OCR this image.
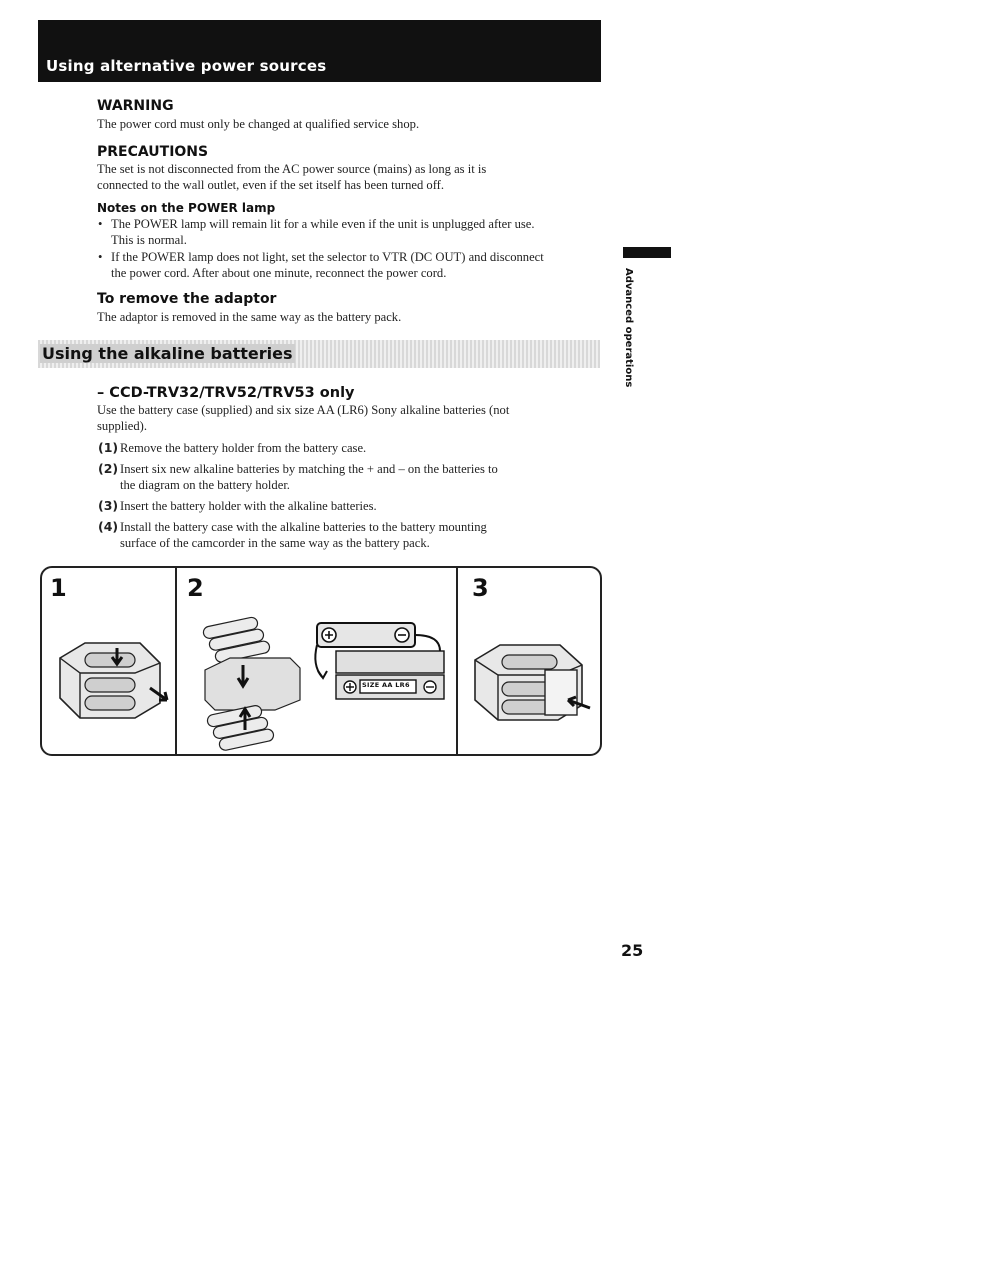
Using alternative power sources
WARNING
The power cord must only be changed at qualified service shop.
PRECAUTIONS
The set is not disconnected from the AC power source (mains) as long as it is
connected to the wall outlet, even if the set itself has been turned off.
Notes on the POWER lamp
• The POWER lamp will remain lit for a while even if the unit is unplugged after use.
This is normal.
• If the POWER lamp does not light, set the selector to VTR (DC OUT) and disconnect
the power cord. After about one minute, reconnect the power cord.
To remove the adaptor
The adaptor is removed in the same way as the battery pack.
Using the alkaline batteries
– CCD-TRV32/TRV52/TRV53 only
Use the battery case (supplied) and six size AA (LR6) Sony alkaline batteries (not
supplied).
(1) Remove the battery holder from the battery case.
(2) Insert six new alkaline batteries by matching the + and – on the batteries to
the diagram on the battery holder.
(3) Insert the battery holder with the alkaline batteries.
(4) Install the battery case with the alkaline batteries to the battery mounting
surface of the camcorder in the same way as the battery pack.
1	2	3
SIZE AA LR6
Advanced operations
25
